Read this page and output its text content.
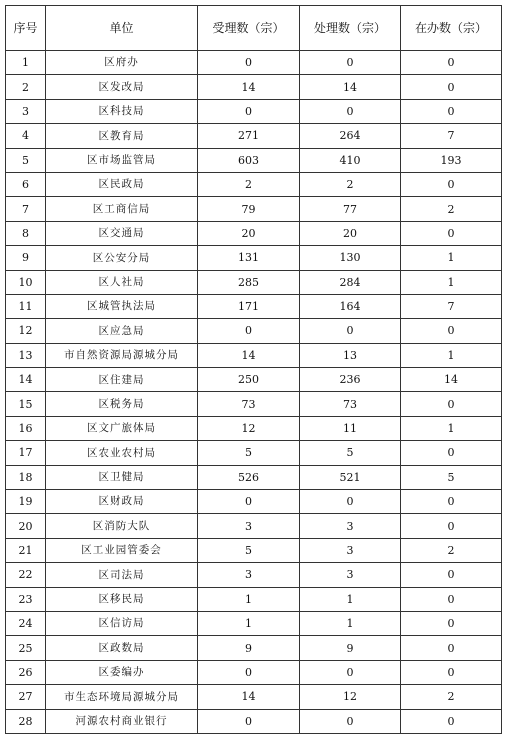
序号	单位	受理数（宗）	处理数（宗）	在办数（宗）
1	区府办	0	0	0
2	区发改局	14	14	0
3	区科技局	0	0	0
4	区教育局	271	264	7
5	区市场监管局	603	410	193
6	区民政局	2	2	0
7	区工商信局	79	77	2
8	区交通局	20	20	0
9	区公安分局	131	130	1
10	区人社局	285	284	1
11	区城管执法局	171	164	7
12	区应急局	0	0	0
13	市自然资源局源城分局	14	13	1
14	区住建局	250	236	14
15	区税务局	73	73	0
16	区文广旅体局	12	11	1
17	区农业农村局	5	5	0
18	区卫健局	526	521	5
19	区财政局	0	0	0
20	区消防大队	3	3	0
21	区工业园管委会	5	3	2
22	区司法局	3	3	0
23	区移民局	1	1	0
24	区信访局	1	1	0
25	区政数局	9	9	0
26	区委编办	0	0	0
27	市生态环境局源城分局	14	12	2
28	河源农村商业银行	0	0	0
